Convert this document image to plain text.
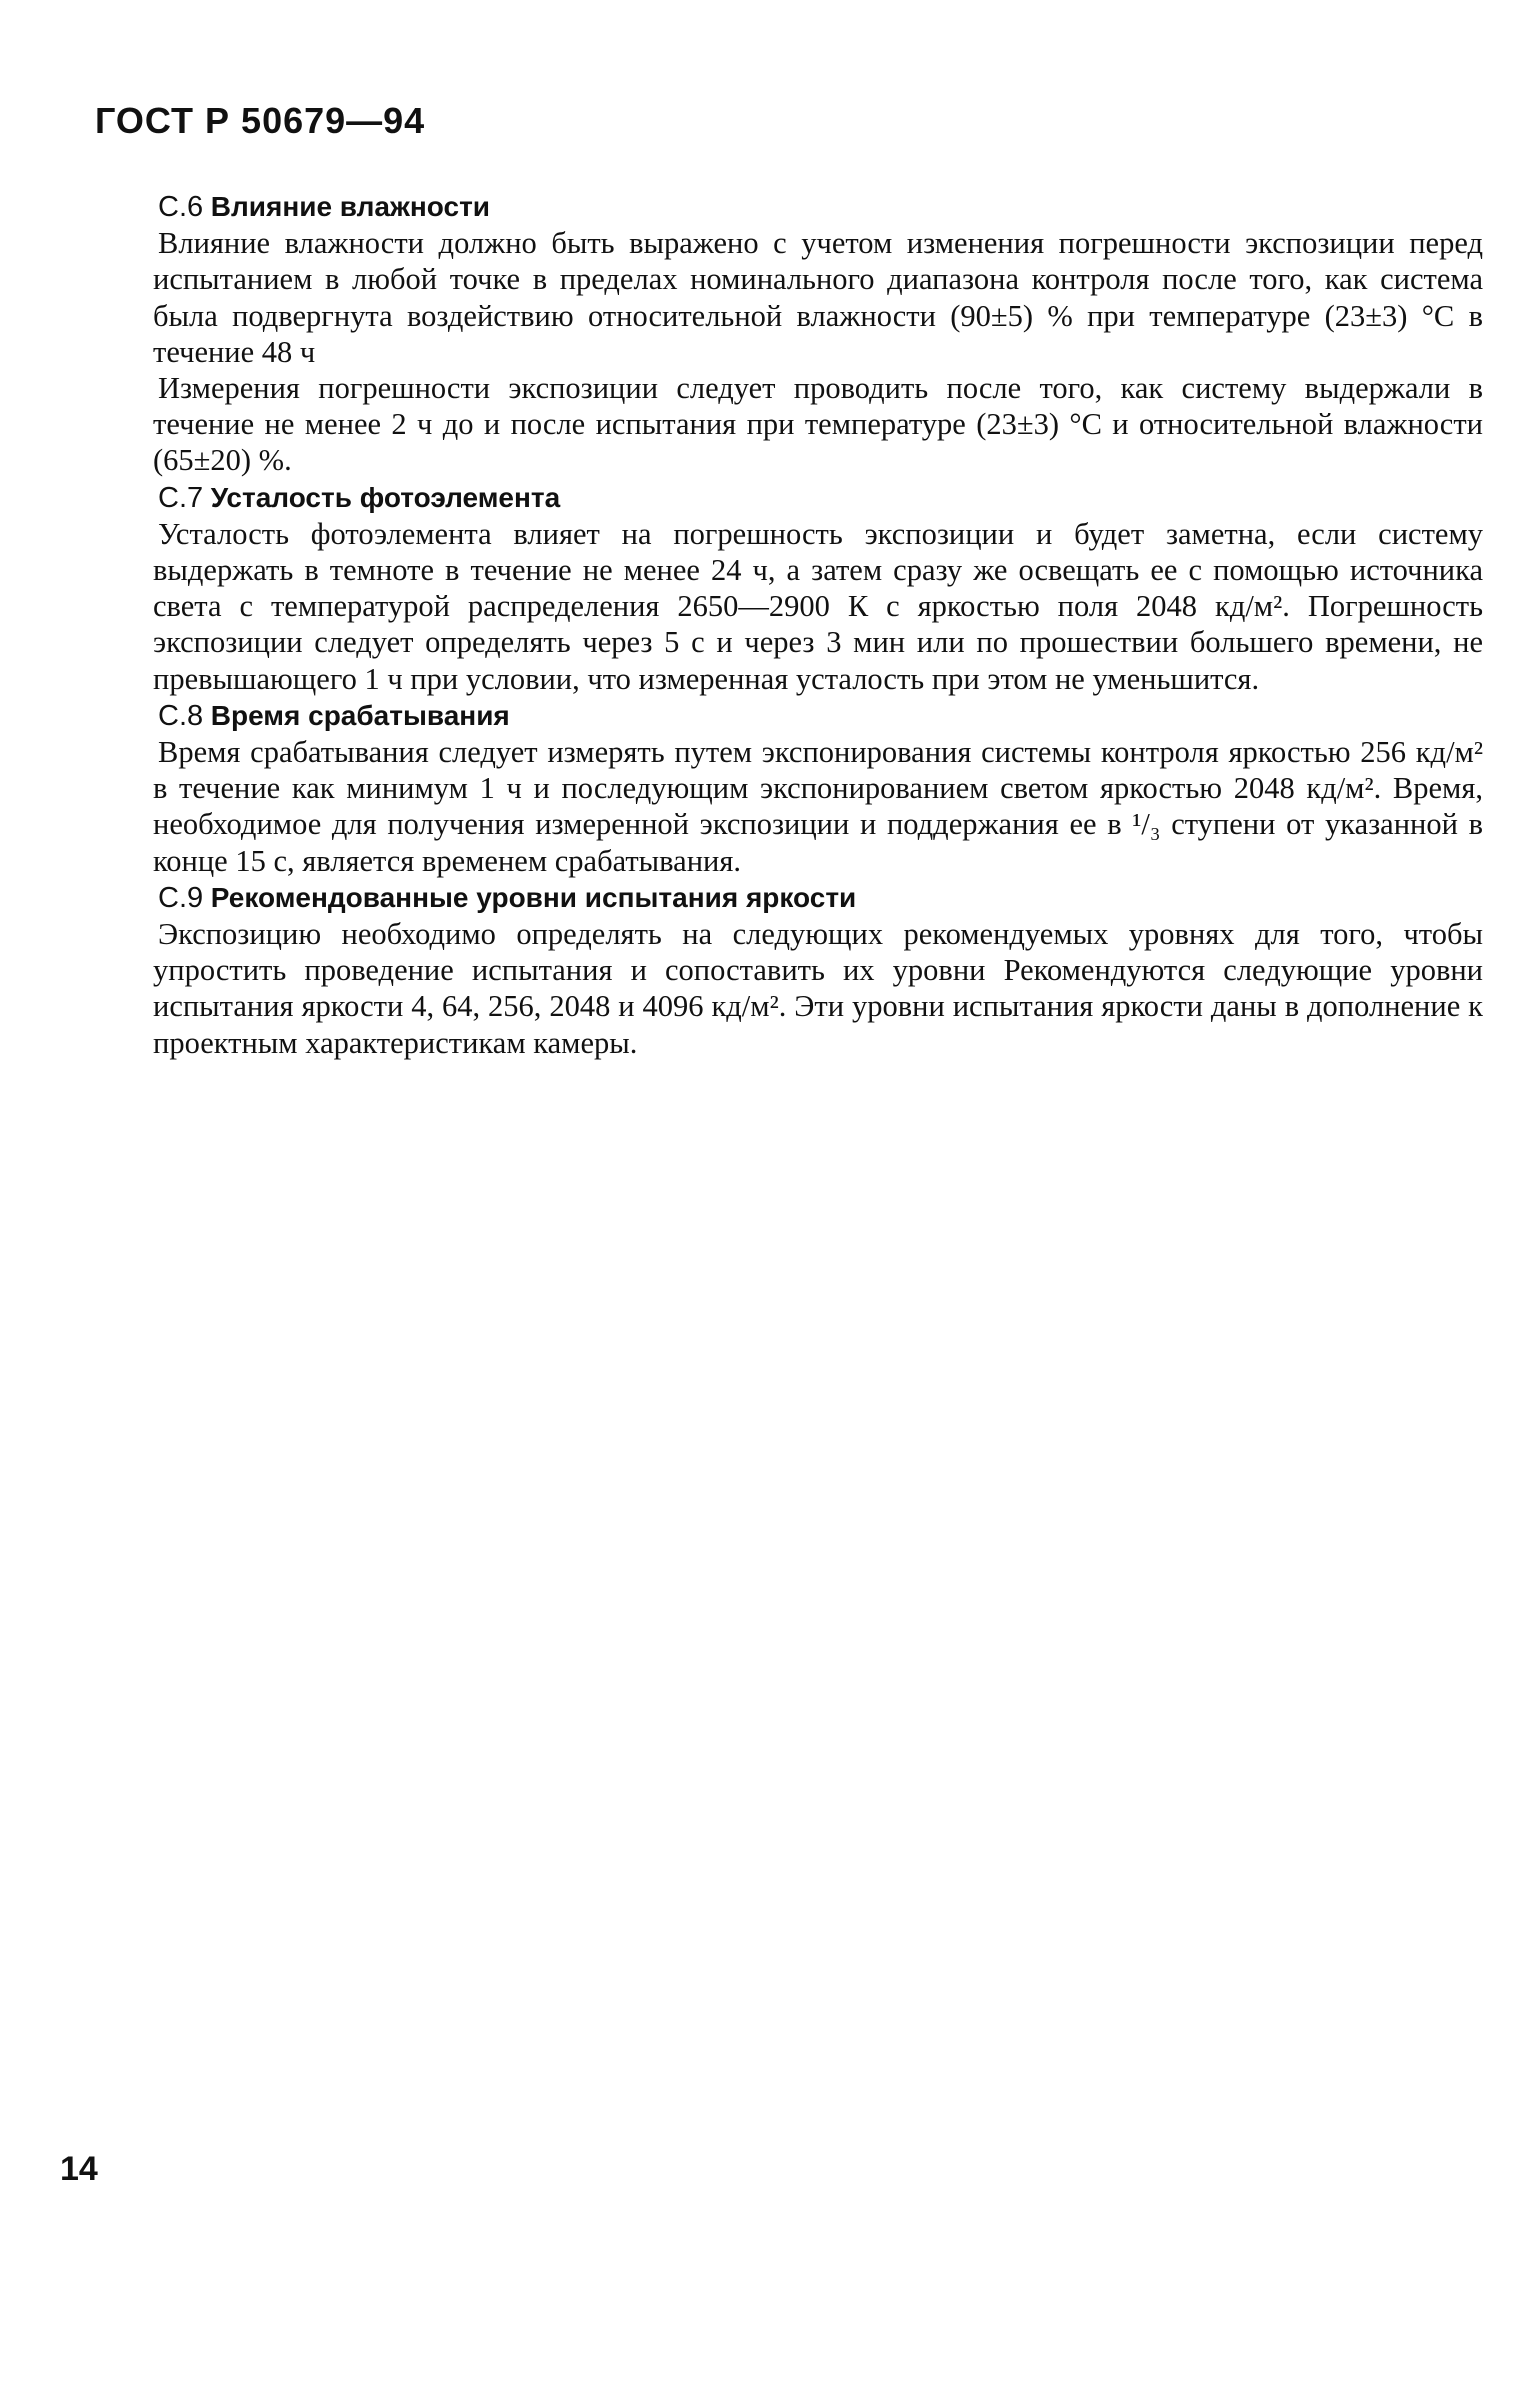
ГОСТ Р 50679—94
С.6 Влияние влажности

Влияние влажности должно быть выражено с учетом изменения погрешности экспозиции перед испытанием в любой точке в пределах номинального диапазона контроля после того, как система была подвергнута воздействию относительной влажности (90±5) % при температуре (23±3) °С в течение 48 ч

Измерения погрешности экспозиции следует проводить после того, как систему выдержали в течение не менее 2 ч до и после испытания при температуре (23±3) °С и относительной влажности (65±20) %.

С.7 Усталость фотоэлемента

Усталость фотоэлемента влияет на погрешность экспозиции и будет заметна, если систему выдержать в темноте в течение не менее 24 ч, а затем сразу же освещать ее с помощью источника света с температурой распределения 2650—2900 К с яркостью поля 2048 кд/м². Погрешность экспозиции следует определять через 5 с и через 3 мин или по прошествии большего времени, не превышающего 1 ч при условии, что измеренная усталость при этом не уменьшится.

С.8 Время срабатывания

Время срабатывания следует измерять путем экспонирования системы контроля яркостью 256 кд/м² в течение как минимум 1 ч и последующим экспонированием светом яркостью 2048 кд/м². Время, необходимое для получения измеренной экспозиции и поддержания ее в ¹/₃ ступени от указанной в конце 15 с, является временем срабатывания.

С.9 Рекомендованные уровни испытания яркости

Экспозицию необходимо определять на следующих рекомендуемых уровнях для того, чтобы упростить проведение испытания и сопоставить их уровни Рекомендуются следующие уровни испытания яркости 4, 64, 256, 2048 и 4096 кд/м². Эти уровни испытания яркости даны в дополнение к проектным характеристикам камеры.

14
